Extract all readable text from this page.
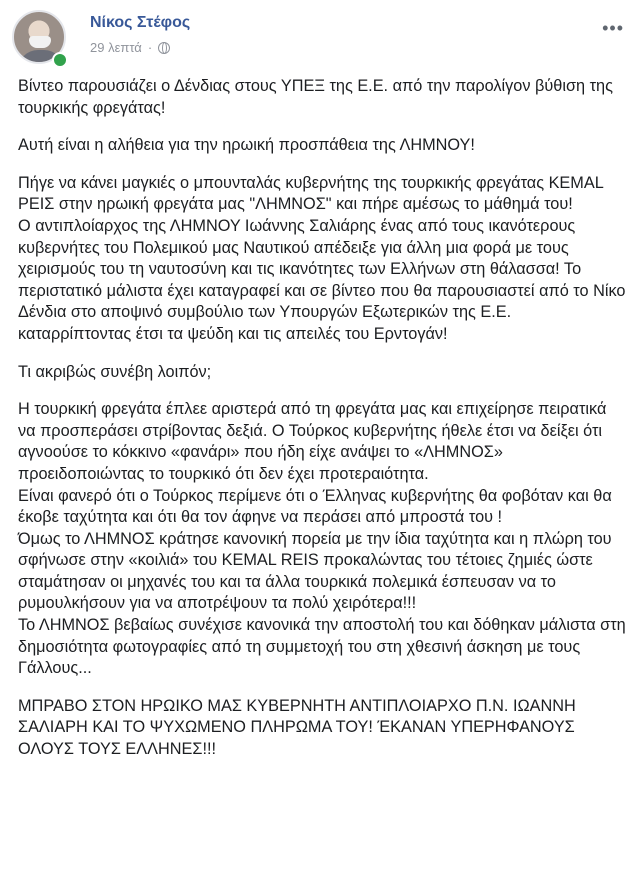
Νίκος Στέφος
29 λεπτά ·
•••

Βίντεο παρουσιάζει ο Δένδιας στους ΥΠΕΞ της Ε.Ε. από την παρολίγον βύθιση της τουρκικής φρεγάτας!

Αυτή είναι η αλήθεια για την ηρωική προσπάθεια της ΛΗΜΝΟΥ!

Πήγε να κάνει μαγκιές ο μπουνταλάς κυβερνήτης της τουρκικής φρεγάτας KEMAL ΡΕΙΣ στην ηρωική φρεγάτα μας "ΛΗΜΝΟΣ" και πήρε αμέσως το μάθημά του!
Ο αντιπλοίαρχος της ΛΗΜΝΟΥ Ιωάννης Σαλιάρης ένας από τους ικανότερους κυβερνήτες του Πολεμικού μας Ναυτικού απέδειξε για άλλη μια φορά με τους χειρισμούς του τη ναυτοσύνη και τις ικανότητες των Ελλήνων στη θάλασσα! Το περιστατικό μάλιστα έχει καταγραφεί και σε βίντεο που θα παρουσιαστεί από το Νίκο Δένδια στο αποψινό συμβούλιο των Υπουργών Εξωτερικών της Ε.Ε. καταρρίπτοντας έτσι τα ψεύδη και τις απειλές του Ερντογάν!

Τι ακριβώς συνέβη λοιπόν;

Η τουρκική φρεγάτα έπλεε αριστερά από τη φρεγάτα μας και επιχείρησε πειρατικά να προσπεράσει στρίβοντας δεξιά. Ο Τούρκος κυβερνήτης ήθελε έτσι να δείξει ότι αγνοούσε το κόκκινο «φανάρι» που ήδη είχε ανάψει το «ΛΗΜΝΟΣ» προειδοποιώντας το τουρκικό ότι δεν έχει προτεραιότητα.
Είναι φανερό ότι ο Τούρκος περίμενε ότι ο Έλληνας κυβερνήτης θα φοβόταν και θα έκοβε ταχύτητα και ότι θα τον άφηνε να περάσει από μπροστά του !
Όμως το ΛΗΜΝΟΣ κράτησε κανονική πορεία με την ίδια ταχύτητα και η πλώρη του σφήνωσε στην «κοιλιά» του KEMAL REIS προκαλώντας του τέτοιες ζημιές ώστε σταμάτησαν οι μηχανές του και τα άλλα τουρκικά πολεμικά έσπευσαν να το ρυμουλκήσουν για να αποτρέψουν τα πολύ χειρότερα!!!
Το ΛΗΜΝΟΣ βεβαίως συνέχισε κανονικά την αποστολή του και δόθηκαν μάλιστα στη δημοσιότητα φωτογραφίες από τη συμμετοχή του στη χθεσινή άσκηση με τους Γάλλους...

ΜΠΡΑΒΟ ΣΤΟΝ ΗΡΩΙΚΟ ΜΑΣ ΚΥΒΕΡΝΗΤΗ ΑΝΤΙΠΛΟΙΑΡΧΟ Π.Ν. ΙΩΑΝΝΗ ΣΑΛΙΑΡΗ ΚΑΙ ΤΟ ΨΥΧΩΜΕΝΟ ΠΛΗΡΩΜΑ ΤΟΥ! ΈΚΑΝΑΝ ΥΠΕΡΗΦΑΝΟΥΣ ΟΛΟΥΣ ΤΟΥΣ ΕΛΛΗΝΕΣ!!!
